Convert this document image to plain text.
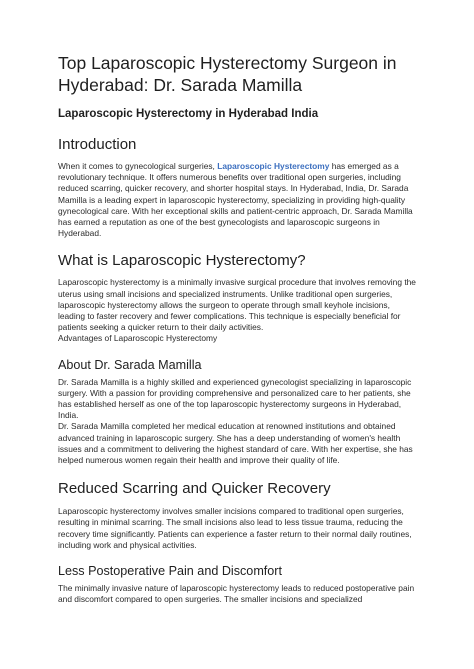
Top Laparoscopic Hysterectomy Surgeon in Hyderabad: Dr. Sarada Mamilla
Laparoscopic Hysterectomy in Hyderabad India
Introduction

When it comes to gynecological surgeries, Laparoscopic Hysterectomy has emerged as a revolutionary technique. It offers numerous benefits over traditional open surgeries, including reduced scarring, quicker recovery, and shorter hospital stays. In Hyderabad, India, Dr. Sarada Mamilla is a leading expert in laparoscopic hysterectomy, specializing in providing high-quality gynecological care. With her exceptional skills and patient-centric approach, Dr. Sarada Mamilla has earned a reputation as one of the best gynecologists and laparoscopic surgeons in Hyderabad.

What is Laparoscopic Hysterectomy?

Laparoscopic hysterectomy is a minimally invasive surgical procedure that involves removing the uterus using small incisions and specialized instruments. Unlike traditional open surgeries, laparoscopic hysterectomy allows the surgeon to operate through small keyhole incisions, leading to faster recovery and fewer complications. This technique is especially beneficial for patients seeking a quicker return to their daily activities.

Advantages of Laparoscopic Hysterectomy

About Dr. Sarada Mamilla

Dr. Sarada Mamilla is a highly skilled and experienced gynecologist specializing in laparoscopic surgery. With a passion for providing comprehensive and personalized care to her patients, she has established herself as one of the top laparoscopic hysterectomy surgeons in Hyderabad, India.

Dr. Sarada Mamilla completed her medical education at renowned institutions and obtained advanced training in laparoscopic surgery. She has a deep understanding of women's health issues and a commitment to delivering the highest standard of care. With her expertise, she has helped numerous women regain their health and improve their quality of life.

Reduced Scarring and Quicker Recovery

Laparoscopic hysterectomy involves smaller incisions compared to traditional open surgeries, resulting in minimal scarring. The small incisions also lead to less tissue trauma, reducing the recovery time significantly. Patients can experience a faster return to their normal daily routines, including work and physical activities.

Less Postoperative Pain and Discomfort

The minimally invasive nature of laparoscopic hysterectomy leads to reduced postoperative pain and discomfort compared to open surgeries. The smaller incisions and specialized
